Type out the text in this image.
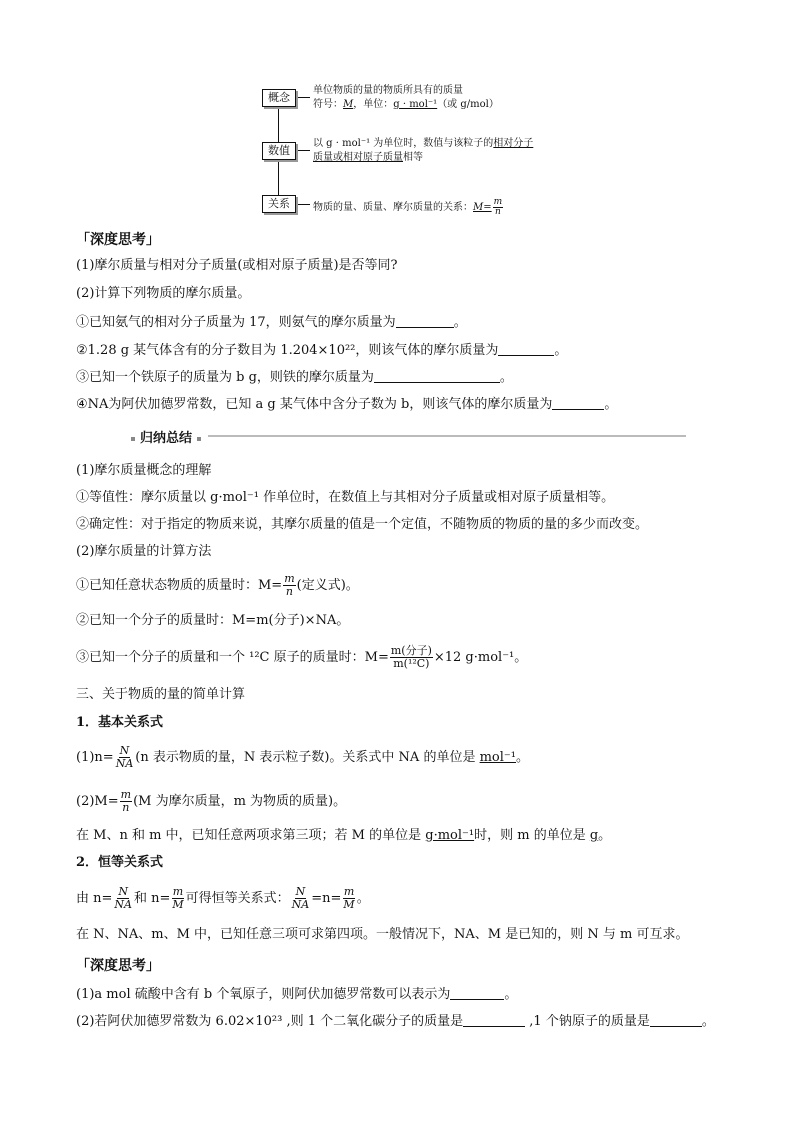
概念
单位物质的量的物质所具有的质量
符号：M，单位：g · mol⁻¹（或 g/mol）
数值
以 g · mol⁻¹ 为单位时，数值与该粒子的相对分子
质量或相对原子质量相等
关系	物质的量、质量、摩尔质量的关系：$M= \frac{m}{n}$
「深度思考」
(1)摩尔质量与相对分子质量(或相对原子质量)是否等同?
(2)计算下列物质的摩尔质量。
①已知氨气的相对分子质量为 17，则氨气的摩尔质量为	。
②1.28 g 某气体含有的分子数目为 1.204×10²²，则该气体的摩尔质量为	。
③已知一个铁原子的质量为 b g，则铁的摩尔质量为	。
④NA为阿伏加德罗常数，已知 a g 某气体中含分子数为 b，则该气体的摩尔质量为	。
归纳总结
(1)摩尔质量概念的理解
①等值性：摩尔质量以 g·mol⁻¹ 作单位时，在数值上与其相对分子质量或相对原子质量相等。
②确定性：对于指定的物质来说，其摩尔质量的值是一个定值，不随物质的物质的量的多少而改变。
(2)摩尔质量的计算方法
①已知任意状态物质的质量时：$M= \frac{m}{n}$ (定义式)。
②已知一个分子的质量时：M=m(分子)×NA。
③已知一个分子的质量和一个 ¹²C 原子的质量时：$M= \frac{\text{m(分子)}}{\text{m(¹²C)}} \times 12$ g·mol⁻¹。
三、关于物质的量的简单计算
1．基本关系式
$(1)n= \frac{N}{NA} (n$ 表示物质的量，N 表示粒子数)。关系式中 NA 的单位是 mol⁻¹。
$(2)M= \frac{m}{n} (M$ 为摩尔质量，m 为物质的质量)。
在 M、n 和 m 中，已知任意两项求第三项；若 M 的单位是 g·mol⁻¹时，则 m 的单位是 g。
2．恒等关系式
由 $n= \frac{N}{NA}$ 和 $n= \frac{m}{M}$ 可得恒等关系式： $\frac{N}{NA} =n= \frac{m}{M}$ 。
在 N、NA、m、M 中，已知任意三项可求第四项。一般情况下，NA、M 是已知的，则 N 与 m 可互求。
「深度思考」
(1)a mol 硫酸中含有 b 个氧原子，则阿伏加德罗常数可以表示为	。
(2)若阿伏加德罗常数为 6.02×10²³ ,则 1 个二氧化碳分子的质量是	,1 个钠原子的质量是	。
